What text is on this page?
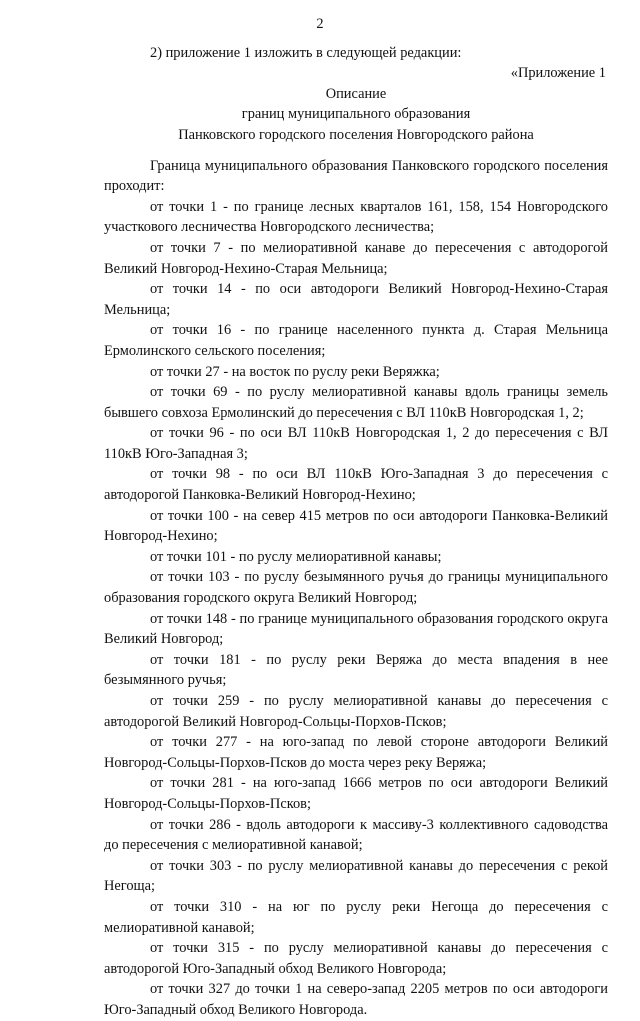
2

2) приложение 1 изложить в следующей редакции:

«Приложение 1

Описание
границ муниципального образования
Панковского городского поселения Новгородского района

Граница муниципального образования Панковского городского поселения проходит:

от точки 1 - по границе лесных кварталов 161, 158, 154 Новгородского участкового лесничества Новгородского лесничества;

от точки 7 - по мелиоративной канаве до пересечения с автодорогой Великий Новгород-Нехино-Старая Мельница;

от точки 14 - по оси автодороги Великий Новгород-Нехино-Старая Мельница;

от точки 16 - по границе населенного пункта д. Старая Мельница Ермолинского сельского поселения;

от точки 27 - на восток по руслу реки Веряжка;

от точки 69 - по руслу мелиоративной канавы вдоль границы земель бывшего совхоза Ермолинский до пересечения с ВЛ 110кВ Новгородская 1, 2;

от точки 96 - по оси ВЛ 110кВ Новгородская 1, 2 до пересечения с ВЛ 110кВ Юго-Западная 3;

от точки 98 - по оси ВЛ 110кВ Юго-Западная 3 до пересечения с автодорогой Панковка-Великий Новгород-Нехино;

от точки 100 - на север 415 метров по оси автодороги Панковка-Великий Новгород-Нехино;

от точки 101 - по руслу мелиоративной канавы;

от точки 103 - по руслу безымянного ручья до границы муниципального образования городского округа Великий Новгород;

от точки 148 - по границе муниципального образования городского округа Великий Новгород;

от точки 181 - по руслу реки Веряжа до места впадения в нее безымянного ручья;

от точки 259 - по руслу мелиоративной канавы до пересечения с автодорогой Великий Новгород-Сольцы-Порхов-Псков;

от точки 277 - на юго-запад по левой стороне автодороги Великий Новгород-Сольцы-Порхов-Псков до моста через реку Веряжа;

от точки 281 - на юго-запад 1666 метров по оси автодороги Великий Новгород-Сольцы-Порхов-Псков;

от точки 286 - вдоль автодороги к массиву-3 коллективного садоводства до пересечения с мелиоративной канавой;

от точки 303 - по руслу мелиоративной канавы до пересечения с рекой Негоща;

от точки 310 - на юг по руслу реки Негоща до пересечения с мелиоративной канавой;

от точки 315 - по руслу мелиоративной канавы до пересечения с автодорогой Юго-Западный обход Великого Новгорода;

от точки 327 до точки 1 на северо-запад 2205 метров по оси автодороги Юго-Западный обход Великого Новгорода.
